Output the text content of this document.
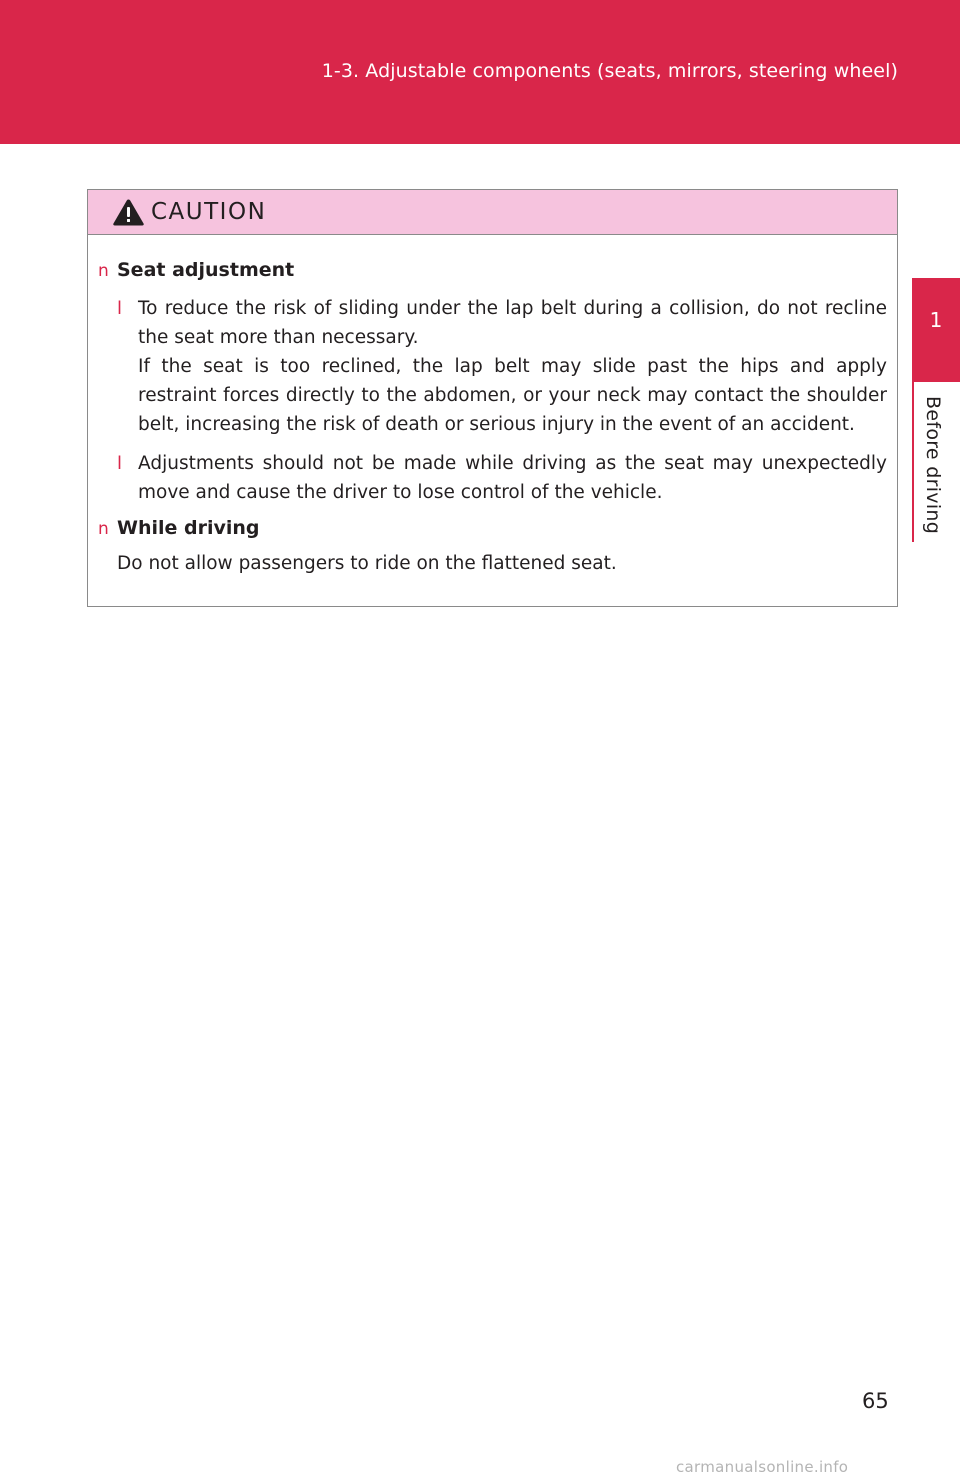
1-3. Adjustable components (seats, mirrors, steering wheel)
1
Before driving
CAUTION
n Seat adjustment
l To reduce the risk of sliding under the lap belt during a collision, do not recline the seat more than necessary.

If the seat is too reclined, the lap belt may slide past the hips and apply restraint forces directly to the abdomen, or your neck may contact the shoulder belt, increasing the risk of death or serious injury in the event of an accident.

l Adjustments should not be made while driving as the seat may unexpectedly move and cause the driver to lose control of the vehicle.

n While driving
Do not allow passengers to ride on the flattened seat.
65
carmanualsonline.info
